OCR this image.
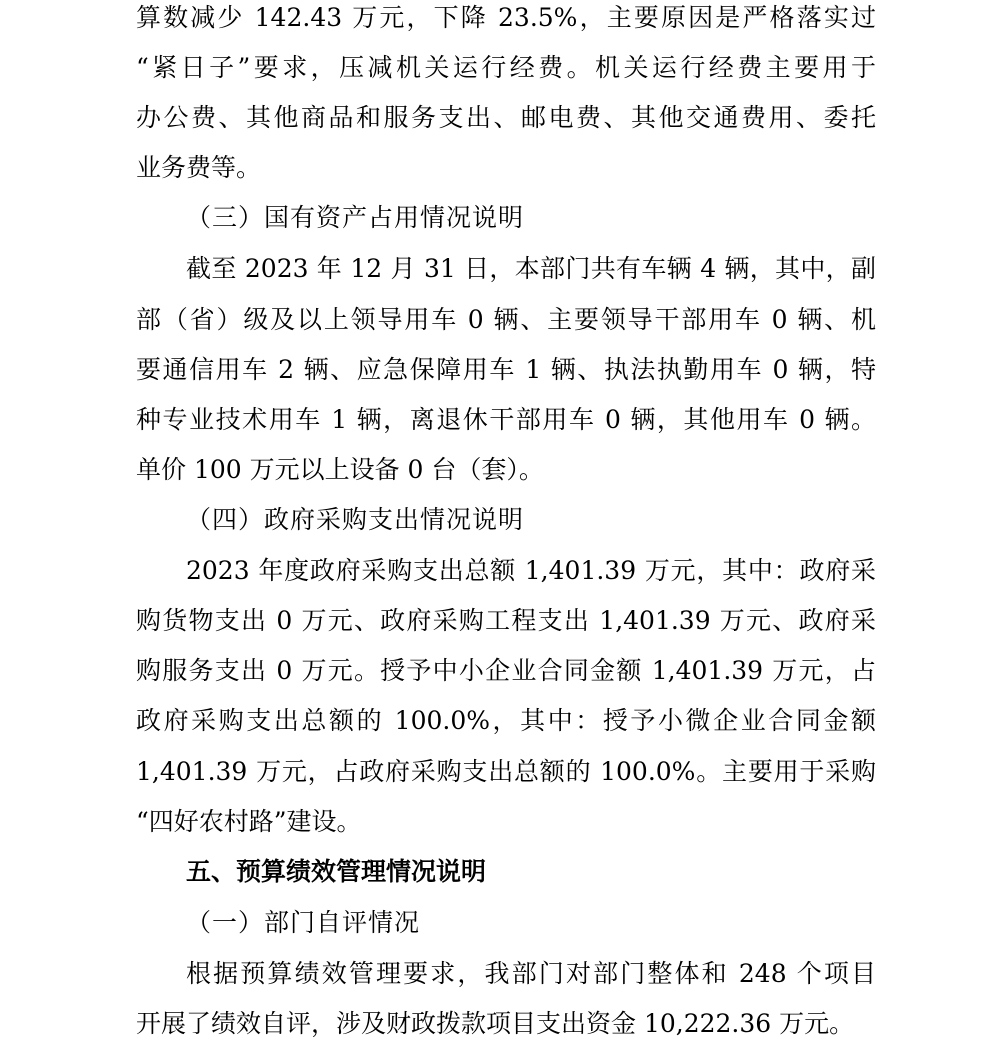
算数减少 142.43 万元，下降 23.5%，主要原因是严格落实过
“紧日子”要求，压减机关运行经费。机关运行经费主要用于
办公费、其他商品和服务支出、邮电费、其他交通费用、委托
业务费等。
（三）国有资产占用情况说明
截至 2023 年 12 月 31 日，本部门共有车辆 4 辆，其中，副
部（省）级及以上领导用车 0 辆、主要领导干部用车 0 辆、机
要通信用车 2 辆、应急保障用车 1 辆、执法执勤用车 0 辆，特
种专业技术用车 1 辆，离退休干部用车 0 辆，其他用车 0 辆。
单价 100 万元以上设备 0 台（套）。
（四）政府采购支出情况说明
2023 年度政府采购支出总额 1,401.39 万元，其中：政府采
购货物支出 0 万元、政府采购工程支出 1,401.39 万元、政府采
购服务支出 0 万元。授予中小企业合同金额 1,401.39 万元，占
政府采购支出总额的 100.0%，其中：授予小微企业合同金额
1,401.39 万元，占政府采购支出总额的 100.0%。主要用于采购
“四好农村路”建设。
五、预算绩效管理情况说明
（一）部门自评情况
根据预算绩效管理要求，我部门对部门整体和 248 个项目
开展了绩效自评，涉及财政拨款项目支出资金 10,222.36 万元。
